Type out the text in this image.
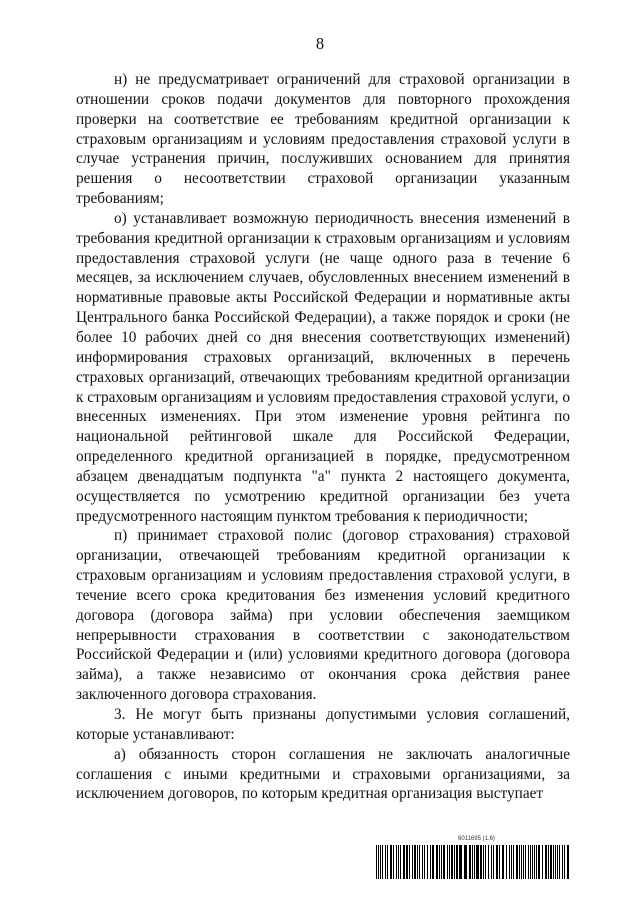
8

н) не предусматривает ограничений для страховой организации в отношении сроков подачи документов для повторного прохождения проверки на соответствие ее требованиям кредитной организации к страховым организациям и условиям предоставления страховой услуги в случае устранения причин, послуживших основанием для принятия решения о несоответствии страховой организации указанным требованиям;

о) устанавливает возможную периодичность внесения изменений в требования кредитной организации к страховым организациям и условиям предоставления страховой услуги (не чаще одного раза в течение 6 месяцев, за исключением случаев, обусловленных внесением изменений в нормативные правовые акты Российской Федерации и нормативные акты Центрального банка Российской Федерации), а также порядок и сроки (не более 10 рабочих дней со дня внесения соответствующих изменений) информирования страховых организаций, включенных в перечень страховых организаций, отвечающих требованиям кредитной организации к страховым организациям и условиям предоставления страховой услуги, о внесенных изменениях. При этом изменение уровня рейтинга по национальной рейтинговой шкале для Российской Федерации, определенного кредитной организацией в порядке, предусмотренном абзацем двенадцатым подпункта "а" пункта 2 настоящего документа, осуществляется по усмотрению кредитной организации без учета предусмотренного настоящим пунктом требования к периодичности;

п) принимает страховой полис (договор страхования) страховой организации, отвечающей требованиям кредитной организации к страховым организациям и условиям предоставления страховой услуги, в течение всего срока кредитования без изменения условий кредитного договора (договора займа) при условии обеспечения заемщиком непрерывности страхования в соответствии с законодательством Российской Федерации и (или) условиями кредитного договора (договора займа), а также независимо от окончания срока действия ранее заключенного договора страхования.

3. Не могут быть признаны допустимыми условия соглашений, которые устанавливают:

а) обязанность сторон соглашения не заключать аналогичные соглашения с иными кредитными и страховыми организациями, за исключением договоров, по которым кредитная организация выступает

6011695 (1.6)
